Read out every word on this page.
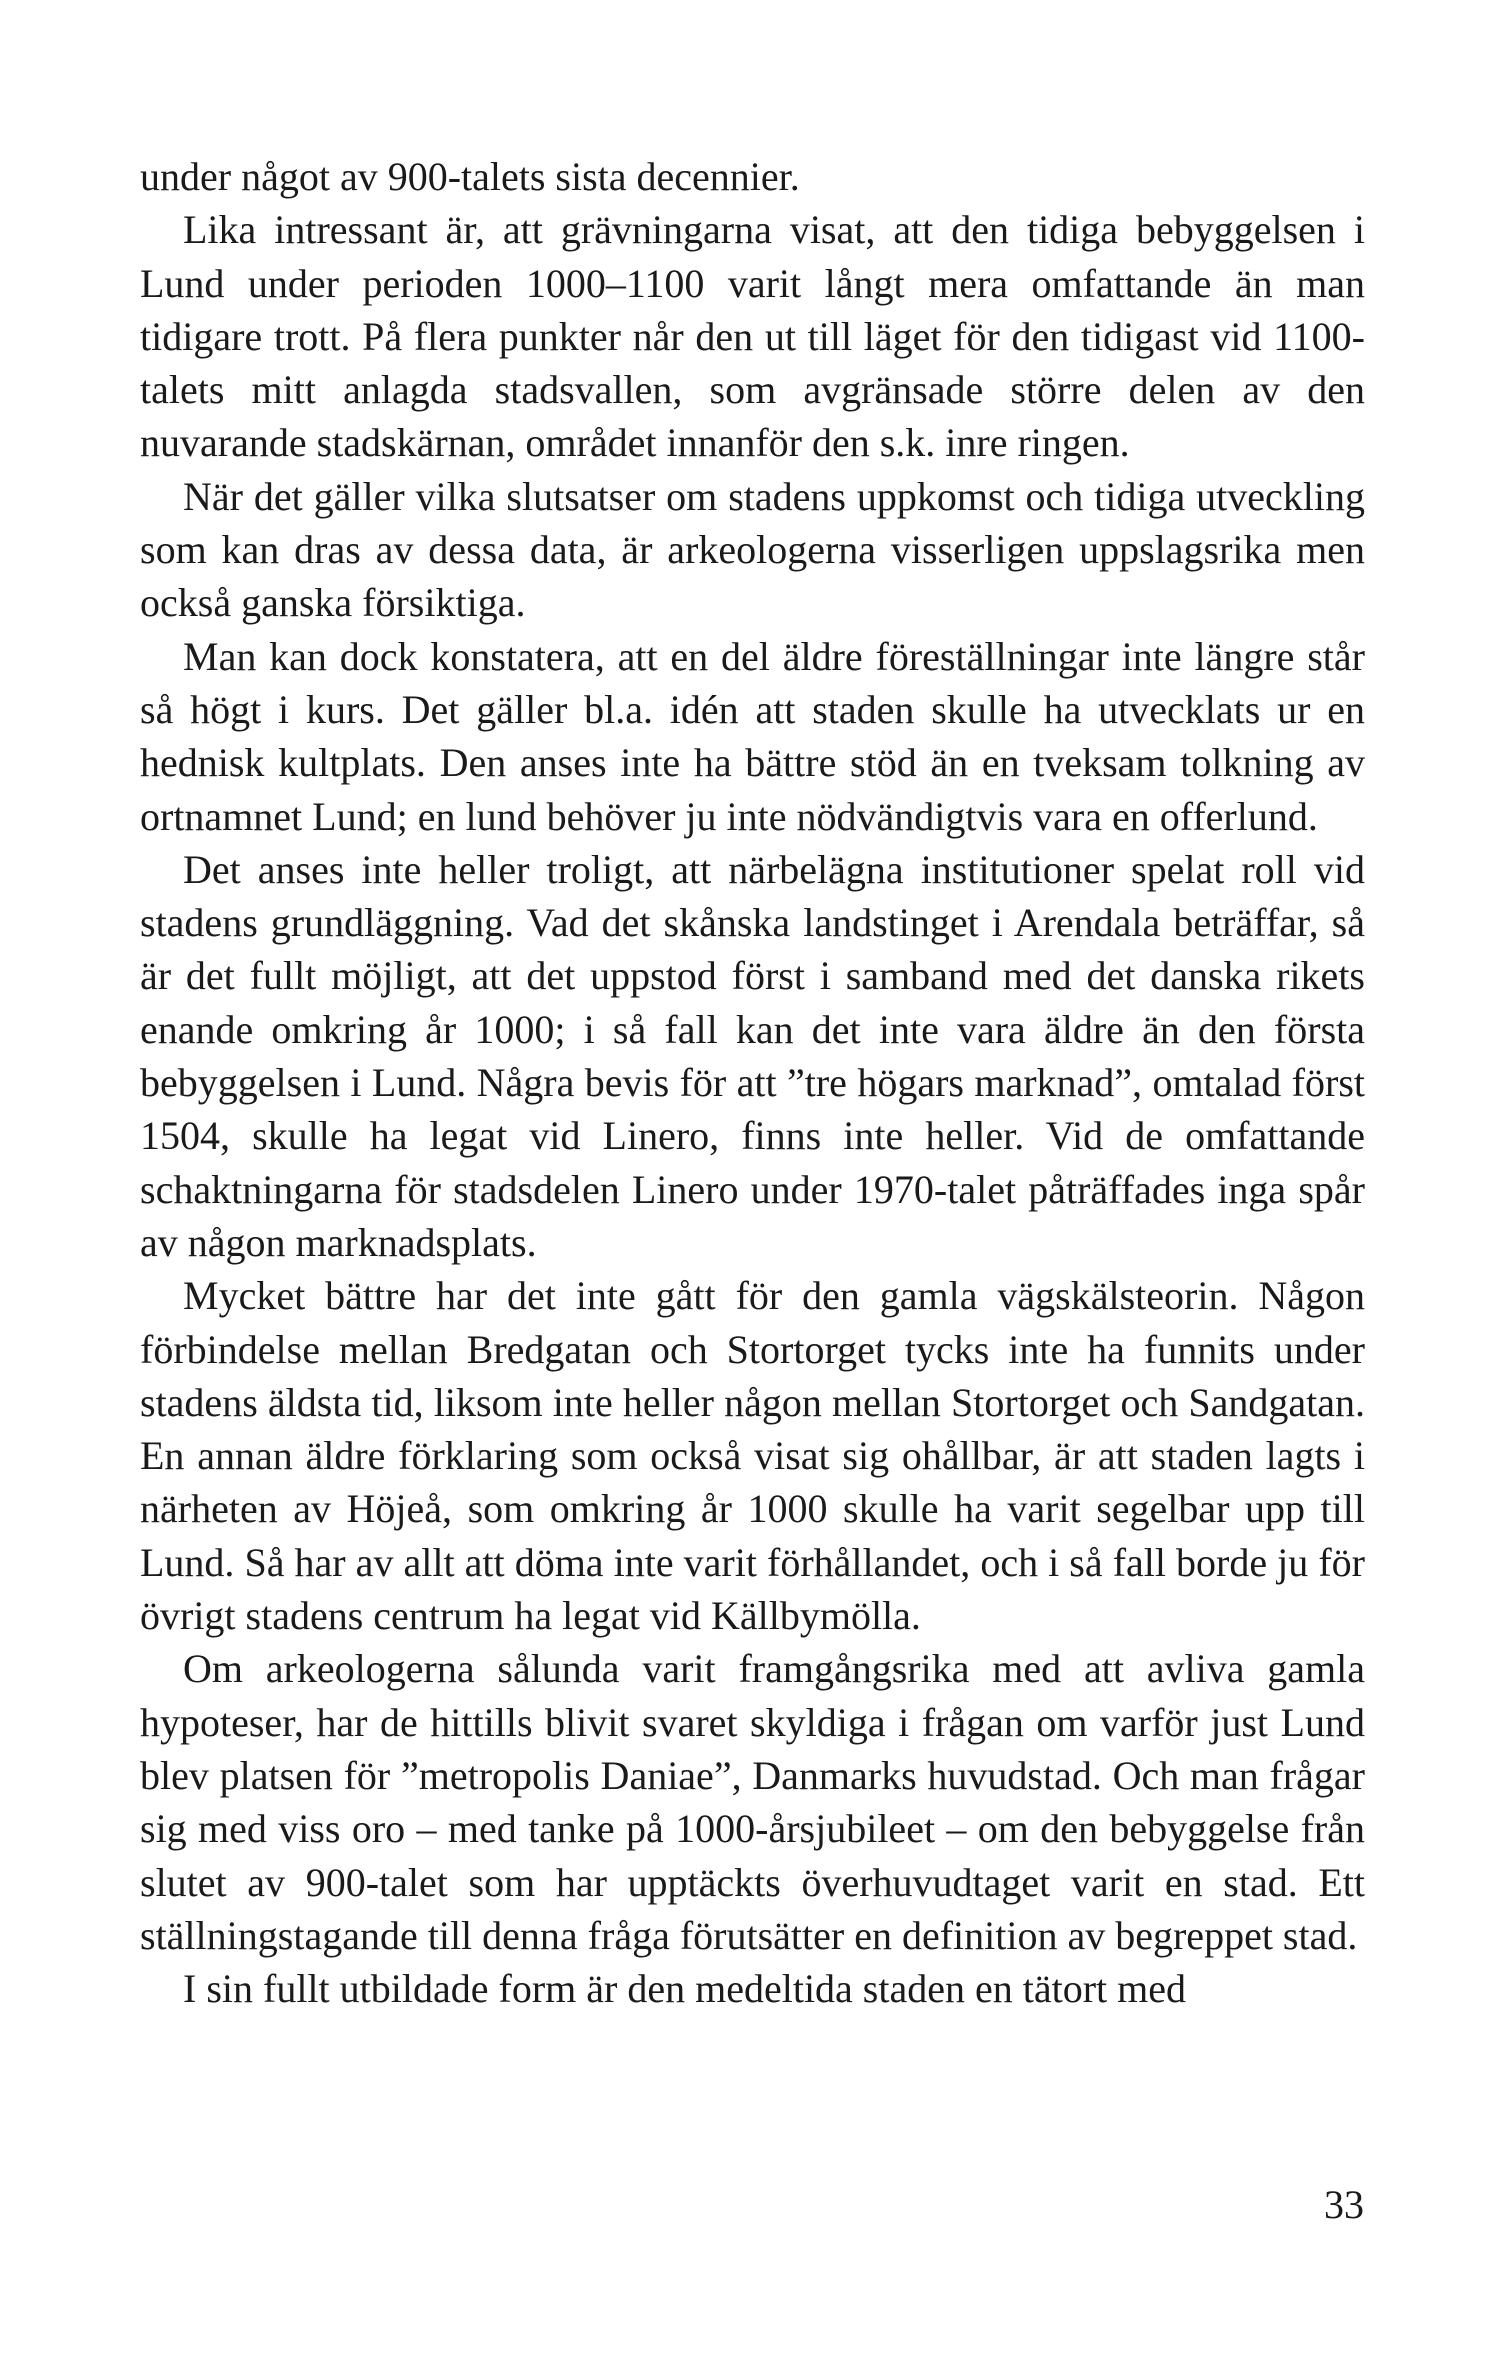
under något av 900-talets sista decennier.

Lika intressant är, att grävningarna visat, att den tidiga bebyggelsen i Lund under perioden 1000–1100 varit långt mera omfattande än man tidigare trott. På flera punkter når den ut till läget för den tidigast vid 1100-talets mitt anlagda stadsvallen, som avgränsade större delen av den nuvarande stadskärnan, området innanför den s.k. inre ringen.

När det gäller vilka slutsatser om stadens uppkomst och tidiga utveckling som kan dras av dessa data, är arkeologerna visserligen uppslagsrika men också ganska försiktiga.

Man kan dock konstatera, att en del äldre föreställningar inte längre står så högt i kurs. Det gäller bl.a. idén att staden skulle ha utvecklats ur en hednisk kultplats. Den anses inte ha bättre stöd än en tveksam tolkning av ortnamnet Lund; en lund behöver ju inte nödvändigtvis vara en offerlund.

Det anses inte heller troligt, att närbelägna institutioner spelat roll vid stadens grundläggning. Vad det skånska landstinget i Arendala beträffar, så är det fullt möjligt, att det uppstod först i samband med det danska rikets enande omkring år 1000; i så fall kan det inte vara äldre än den första bebyggelsen i Lund. Några bevis för att ”tre högars marknad”, omtalad först 1504, skulle ha legat vid Linero, finns inte heller. Vid de omfattande schaktningarna för stadsdelen Linero under 1970-talet påträffades inga spår av någon marknadsplats.

Mycket bättre har det inte gått för den gamla vägskälsteorin. Någon förbindelse mellan Bredgatan och Stortorget tycks inte ha funnits under stadens äldsta tid, liksom inte heller någon mellan Stortorget och Sandgatan. En annan äldre förklaring som också visat sig ohållbar, är att staden lagts i närheten av Höjeå, som omkring år 1000 skulle ha varit segelbar upp till Lund. Så har av allt att döma inte varit förhållandet, och i så fall borde ju för övrigt stadens centrum ha legat vid Källbymölla.

Om arkeologerna sålunda varit framgångsrika med att avliva gamla hypoteser, har de hittills blivit svaret skyldiga i frågan om varför just Lund blev platsen för ”metropolis Daniae”, Danmarks huvudstad. Och man frågar sig med viss oro – med tanke på 1000-årsjubileet – om den bebyggelse från slutet av 900-talet som har upptäckts överhuvudtaget varit en stad. Ett ställningstagande till denna fråga förutsätter en definition av begreppet stad.

I sin fullt utbildade form är den medeltida staden en tätort med

33
